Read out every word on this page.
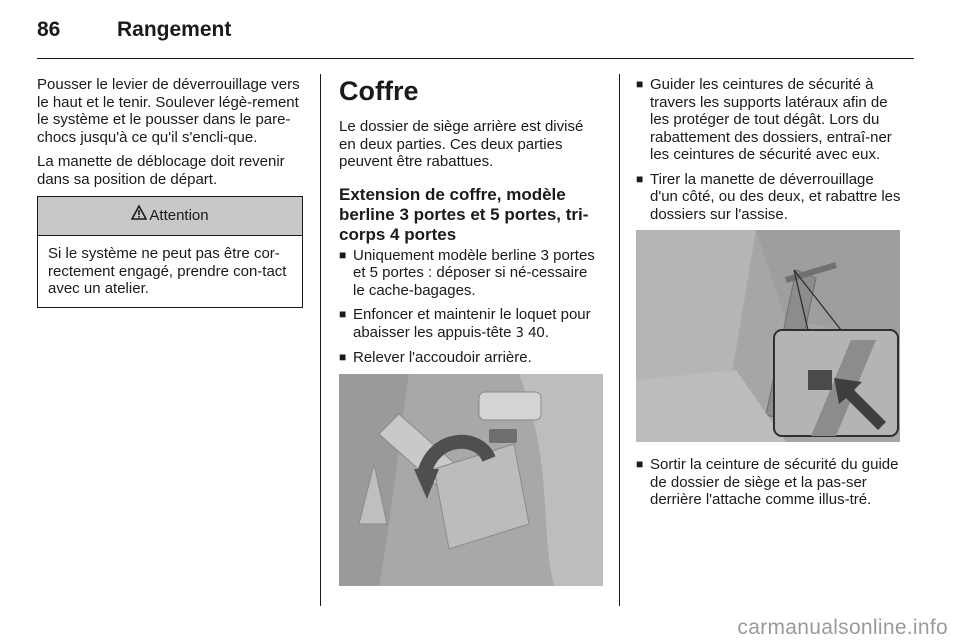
86	Rangement

Pousser le levier de déverrouillage vers le haut et le tenir. Soulever légè-rement le système et le pousser dans le pare-chocs jusqu'à ce qu'il s'encli-que.

La manette de déblocage doit revenir dans sa position de départ.

Attention
Si le système ne peut pas être cor-rectement engagé, prendre con-tact avec un atelier.
Coffre

Le dossier de siège arrière est divisé en deux parties. Ces deux parties peuvent être rabattues.

Extension de coffre, modèle berline 3 portes et 5 portes, tri-corps 4 portes
■ Uniquement modèle berline 3 portes et 5 portes : déposer si né-cessaire le cache-bagages.
■ Enfoncer et maintenir le loquet pour abaisser les appuis-tête 3 40.
■ Relever l'accoudoir arrière.
■ Guider les ceintures de sécurité à travers les supports latéraux afin de les protéger de tout dégât. Lors du rabattement des dossiers, entraî-ner les ceintures de sécurité avec eux.
■ Tirer la manette de déverrouillage d'un côté, ou des deux, et rabattre les dossiers sur l'assise.
■ Sortir la ceinture de sécurité du guide de dossier de siège et la pas-ser derrière l'attache comme illus-tré.
carmanualsonline.info
